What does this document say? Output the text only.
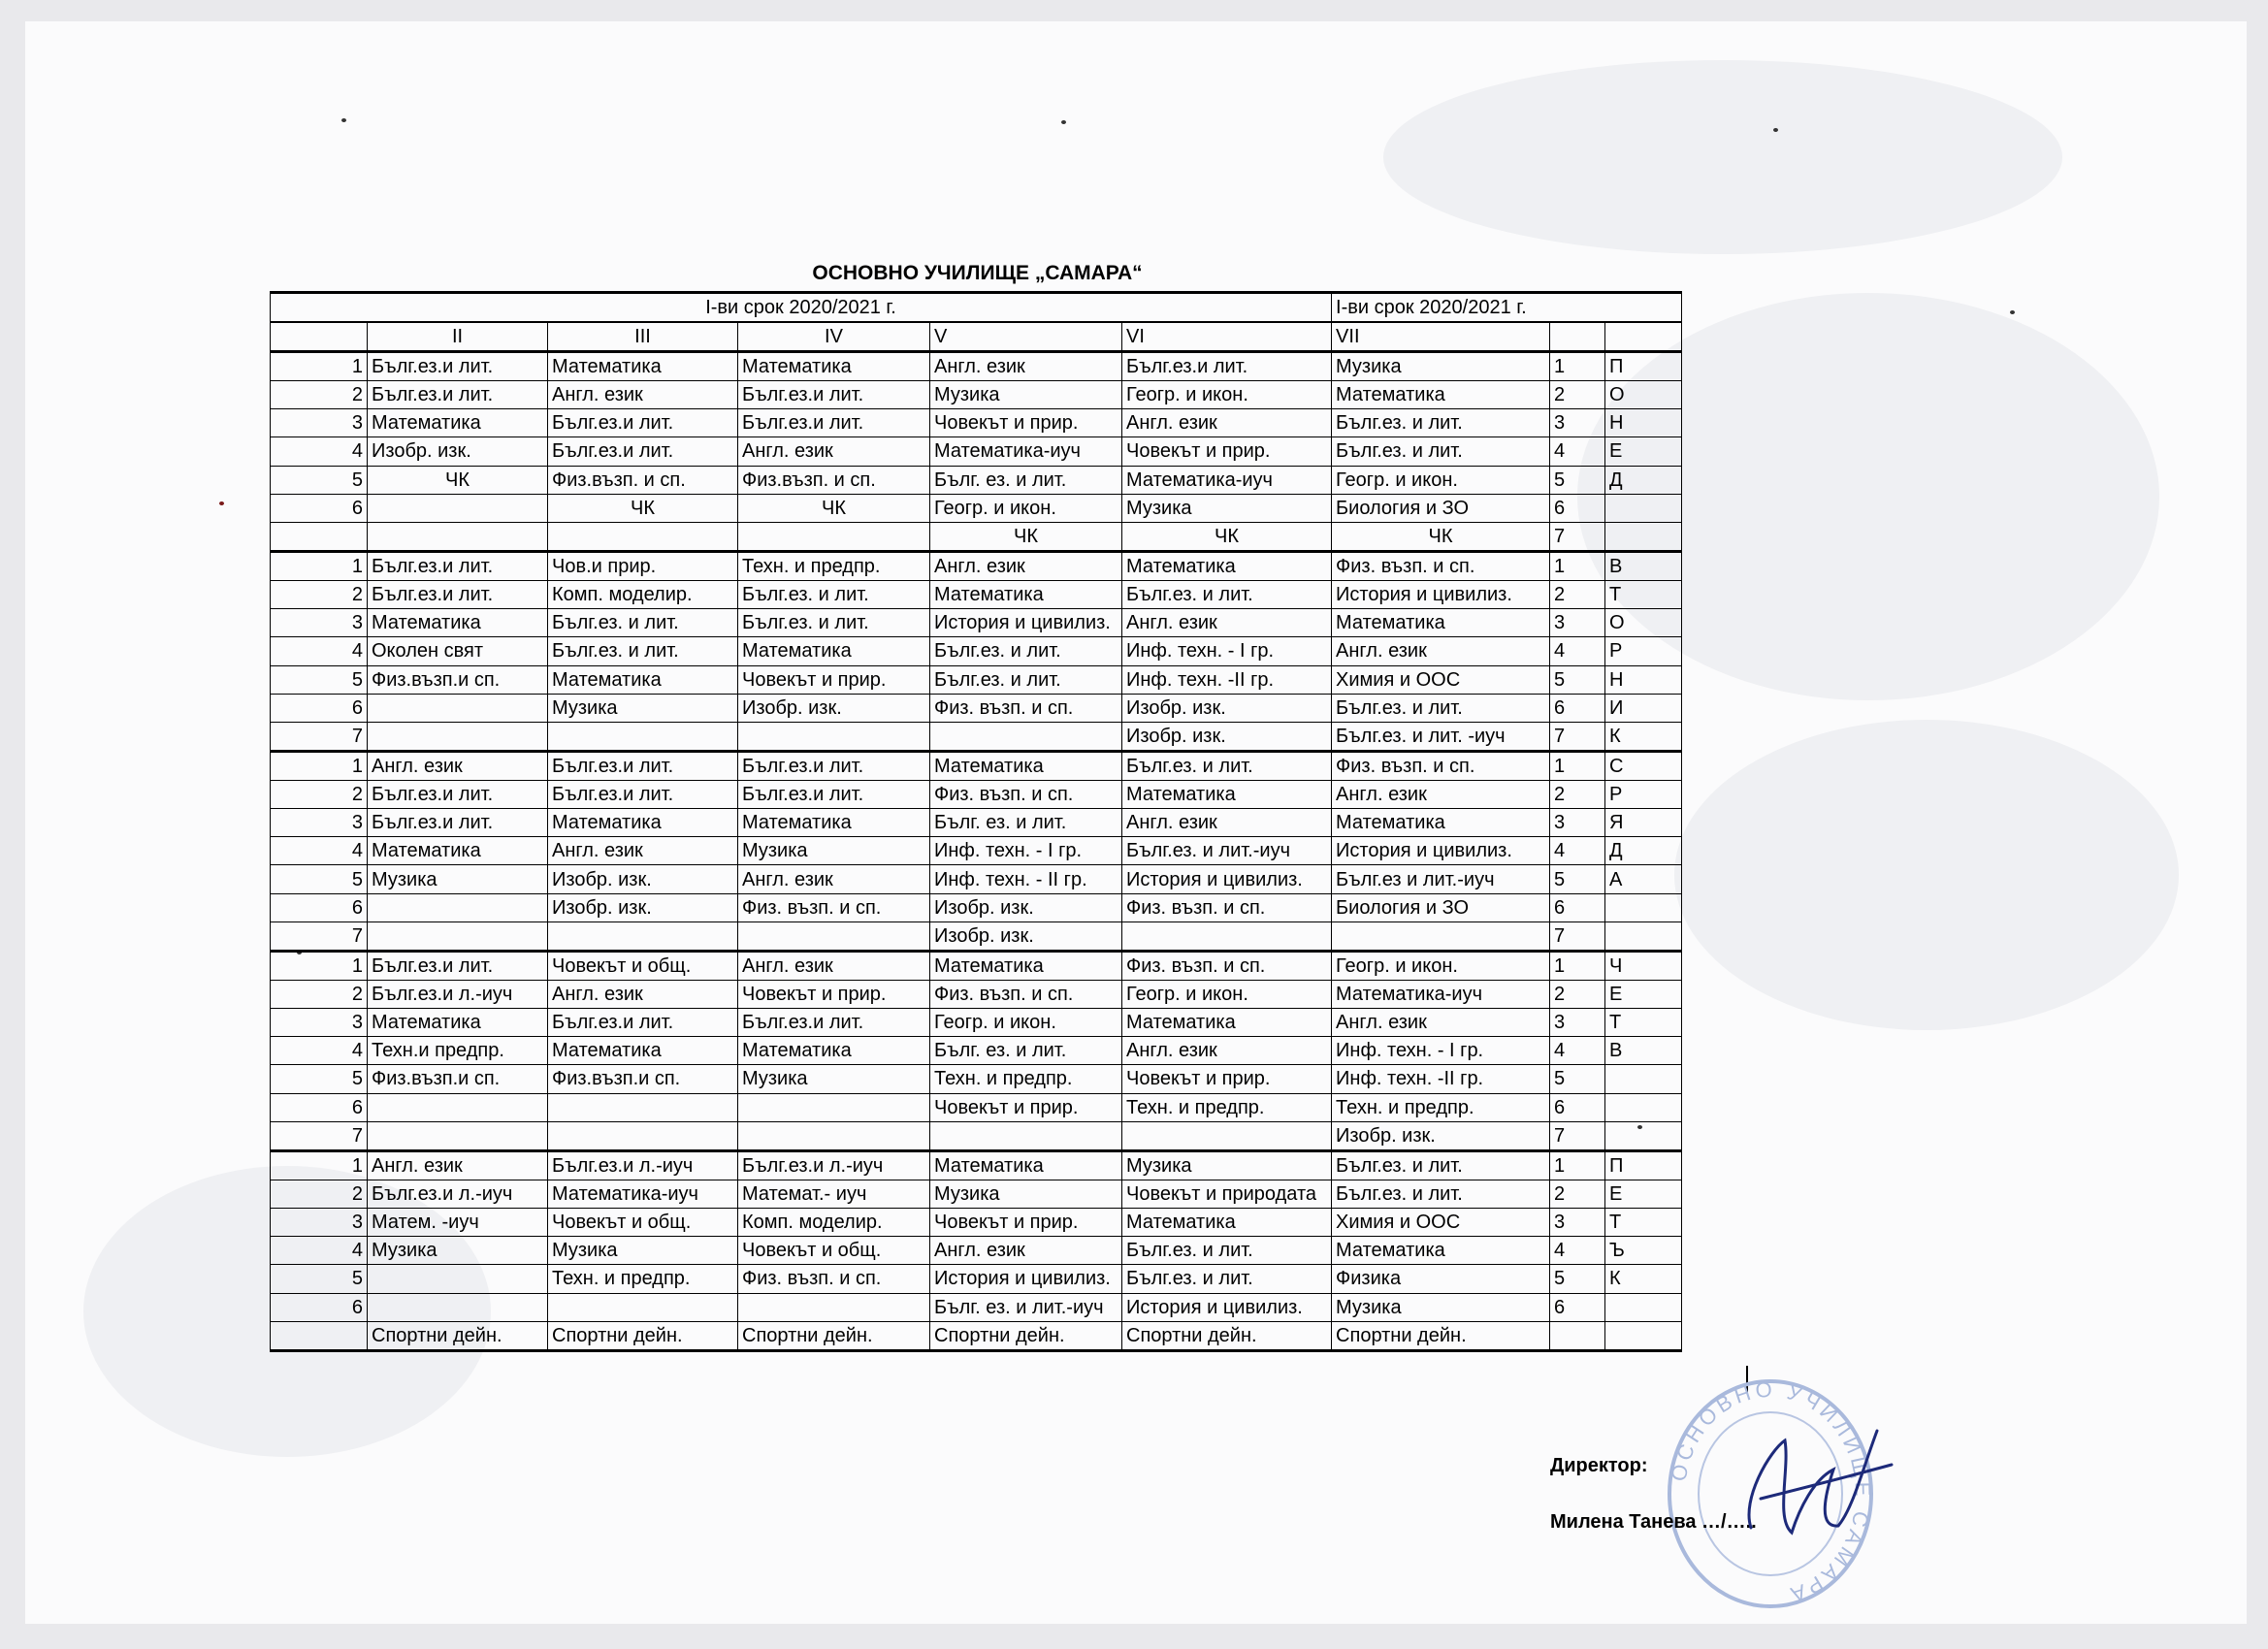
ОСНОВНО УЧИЛИЩЕ „САМАРА“
I-ви срок 2020/2021 г.						I-ви срок 2020/2021 г.		
	II	III	IV	V	VI	VII		
1	Бълг.ез.и лит.	Математика	Математика	Англ. език	Бълг.ез.и лит.	Музика	1	П
2	Бълг.ез.и лит.	Англ. език	Бълг.ез.и лит.	Музика	Геогр. и икон.	Математика	2	О
3	Математика	Бълг.ез.и лит.	Бълг.ез.и лит.	Човекът и прир.	Англ. език	Бълг.ез. и лит.	3	Н
4	Изобр. изк.	Бълг.ез.и лит.	Англ. език	Математика-иуч	Човекът и прир.	Бълг.ез. и лит.	4	Е
5	ЧК	Физ.възп. и сп.	Физ.възп. и сп.	Бълг. ез. и лит.	Математика-иуч	Геогр. и икон.	5	Д
6		ЧК	ЧК	Геогр. и икон.	Музика	Биология и ЗО	6	
				ЧК	ЧК	ЧК	7	
1	Бълг.ез.и лит.	Чов.и прир.	Техн. и предпр.	Англ. език	Математика	Физ. възп. и сп.	1	В
2	Бълг.ез.и лит.	Комп. моделир.	Бълг.ез. и лит.	Математика	Бълг.ез. и лит.	История и цивилиз.	2	Т
3	Математика	Бълг.ез. и лит.	Бълг.ез. и лит.	История и цивилиз.	Англ. език	Математика	3	О
4	Околен свят	Бълг.ез. и лит.	Математика	Бълг.ез. и лит.	Инф. техн. - I гр.	Англ. език	4	Р
5	Физ.възп.и сп.	Математика	Човекът и прир.	Бълг.ез. и лит.	Инф. техн. -II гр.	Химия и ООС	5	Н
6		Музика	Изобр. изк.	Физ. възп. и сп.	Изобр. изк.	Бълг.ез. и лит.	6	И
7					Изобр. изк.	Бълг.ез. и лит. -иуч	7	К
1	Англ. език	Бълг.ез.и лит.	Бълг.ез.и лит.	Математика	Бълг.ез. и лит.	Физ. възп. и сп.	1	С
2	Бълг.ез.и лит.	Бълг.ез.и лит.	Бълг.ез.и лит.	Физ. възп. и сп.	Математика	Англ. език	2	Р
3	Бълг.ез.и лит.	Математика	Математика	Бълг. ез. и лит.	Англ. език	Математика	3	Я
4	Математика	Англ. език	Музика	Инф. техн. - I гр.	Бълг.ез. и лит.-иуч	История и цивилиз.	4	Д
5	Музика	Изобр. изк.	Англ. език	Инф. техн. - II гр.	История и цивилиз.	Бълг.ез и лит.-иуч	5	А
6		Изобр. изк.	Физ. възп. и сп.	Изобр. изк.	Физ. възп. и сп.	Биология и ЗО	6	
7				Изобр. изк.			7	
1	Бълг.ез.и лит.	Човекът и общ.	Англ. език	Математика	Физ. възп. и сп.	Геогр. и икон.	1	Ч
2	Бълг.ез.и л.-иуч	Англ. език	Човекът и прир.	Физ. възп. и сп.	Геогр. и икон.	Математика-иуч	2	Е
3	Математика	Бълг.ез.и лит.	Бълг.ез.и лит.	Геогр. и икон.	Математика	Англ. език	3	Т
4	Техн.и предпр.	Математика	Математика	Бълг. ез. и лит.	Англ. език	Инф. техн. - I гр.	4	В
5	Физ.възп.и сп.	Физ.възп.и сп.	Музика	Техн. и предпр.	Човекът и прир.	Инф. техн. -II гр.	5	
6				Човекът и прир.	Техн. и предпр.	Техн. и предпр.	6	
7						Изобр. изк.	7	
1	Англ. език	Бълг.ез.и л.-иуч	Бълг.ез.и л.-иуч	Математика	Музика	Бълг.ез. и лит.	1	П
2	Бълг.ез.и л.-иуч	Математика-иуч	Математ.- иуч	Музика	Човекът и природата	Бълг.ез. и лит.	2	Е
3	Матем. -иуч	Човекът и общ.	Комп. моделир.	Човекът и прир.	Математика	Химия и ООС	3	Т
4	Музика	Музика	Човекът и общ.	Англ. език	Бълг.ез. и лит.	Математика	4	Ъ
5		Техн. и предпр.	Физ. възп. и сп.	История и цивилиз.	Бълг.ез. и лит.	Физика	5	К
6				Бълг. ез. и лит.-иуч	История и цивилиз.	Музика	6	
	Спортни дейн.	Спортни дейн.	Спортни дейн.	Спортни дейн.	Спортни дейн.	Спортни дейн.		
ОСНОВНО УЧИЛИЩЕ САМАРА
Директор:
Милена Танева …/…..
